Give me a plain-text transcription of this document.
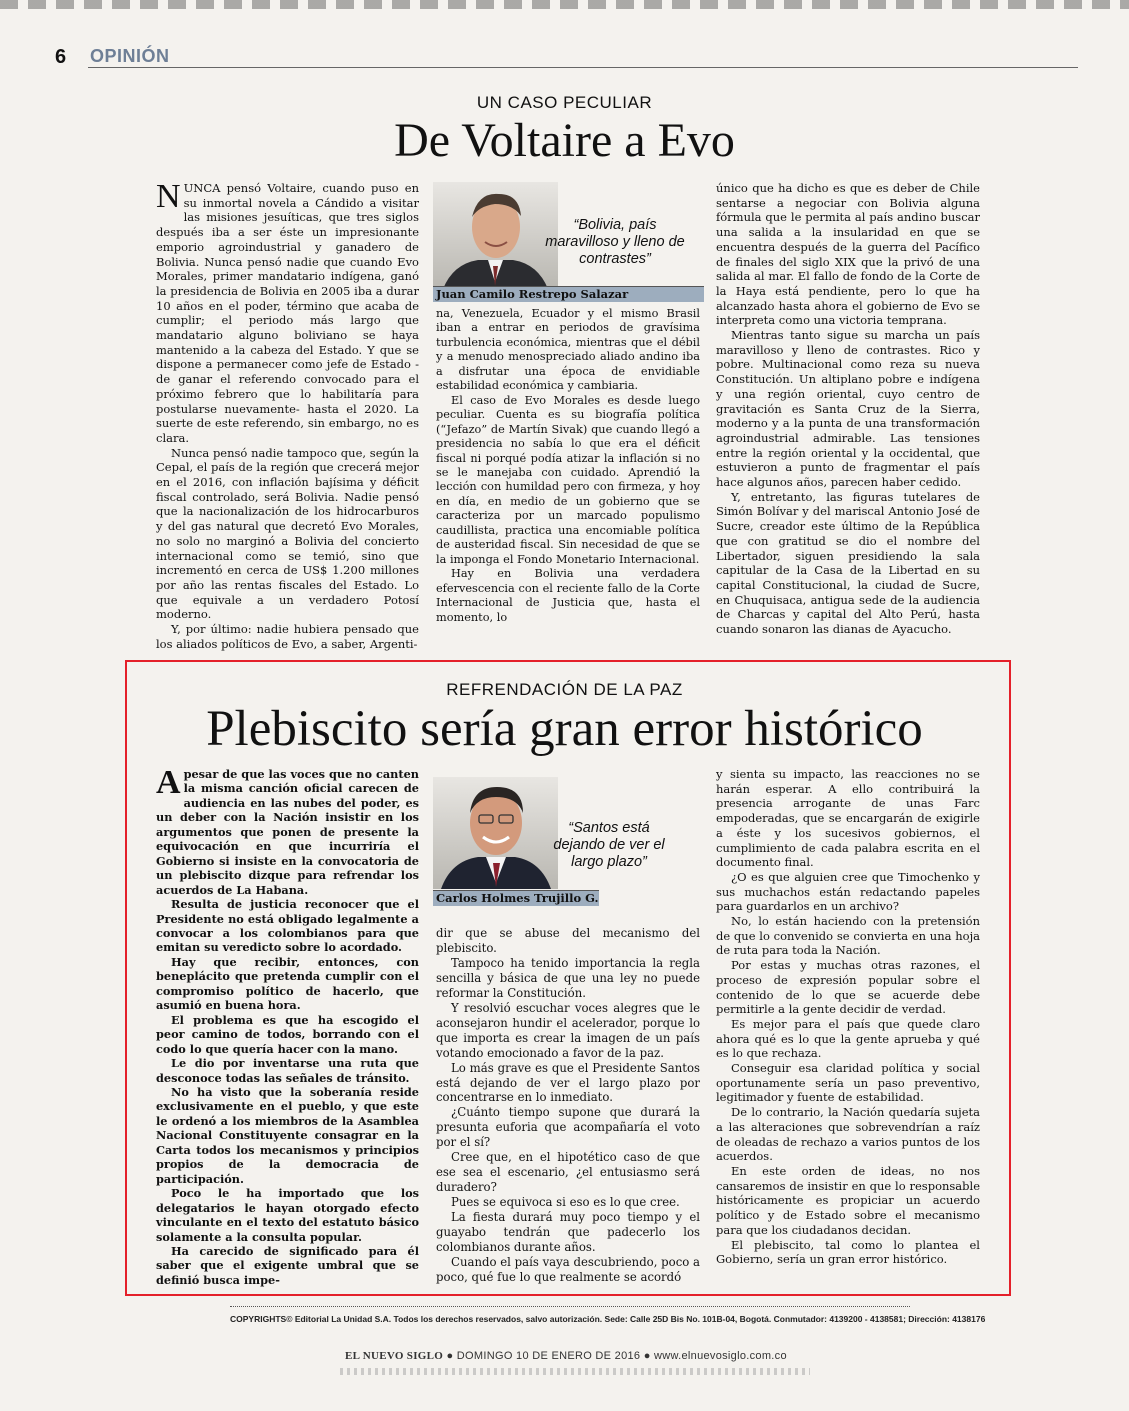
6 OPINIÓN
UN CASO PECULIAR
De Voltaire a Evo

NUNCA pensó Voltaire, cuando puso en su inmortal novela a Cándido a visitar las misiones jesuíticas, que tres siglos después iba a ser éste un impresionante emporio agroindustrial y ganadero de Bolivia. Nunca pensó nadie que cuando Evo Morales, primer mandatario indígena, ganó la presidencia de Bolivia en 2005 iba a durar 10 años en el poder, término que acaba de cumplir; el periodo más largo que mandatario alguno boliviano se haya mantenido a la cabeza del Estado. Y que se dispone a permanecer como jefe de Estado -de ganar el referendo convocado para el próximo febrero que lo habilitaría para postularse nuevamente- hasta el 2020. La suerte de este referendo, sin embargo, no es clara.

Nunca pensó nadie tampoco que, según la Cepal, el país de la región que crecerá mejor en el 2016, con inflación bajísima y déficit fiscal controlado, será Bolivia. Nadie pensó que la nacionalización de los hidrocarburos y del gas natural que decretó Evo Morales, no solo no marginó a Bolivia del concierto internacional como se temió, sino que incrementó en cerca de US$ 1.200 millones por año las rentas fiscales del Estado. Lo que equivale a un verdadero Potosí moderno.

Y, por último: nadie hubiera pensado que los aliados políticos de Evo, a saber, Argenti-

“Bolivia, país maravilloso y lleno de contrastes”
Juan Camilo Restrepo Salazar

na, Venezuela, Ecuador y el mismo Brasil iban a entrar en periodos de gravísima turbulencia económica, mientras que el débil y a menudo menospreciado aliado andino iba a disfrutar una época de envidiable estabilidad económica y cambiaria.

El caso de Evo Morales es desde luego peculiar. Cuenta es su biografía política (“Jefazo” de Martín Sivak) que cuando llegó a presidencia no sabía lo que era el déficit fiscal ni porqué podía atizar la inflación si no se le manejaba con cuidado. Aprendió la lección con humildad pero con firmeza, y hoy en día, en medio de un gobierno que se caracteriza por un marcado populismo caudillista, practica una encomiable política de austeridad fiscal. Sin necesidad de que se la imponga el Fondo Monetario Internacional.

Hay en Bolivia una verdadera efervescencia con el reciente fallo de la Corte Internacional de Justicia que, hasta el momento, lo

único que ha dicho es que es deber de Chile sentarse a negociar con Bolivia alguna fórmula que le permita al país andino buscar una salida a la insularidad en que se encuentra después de la guerra del Pacífico de finales del siglo XIX que la privó de una salida al mar. El fallo de fondo de la Corte de la Haya está pendiente, pero lo que ha alcanzado hasta ahora el gobierno de Evo se interpreta como una victoria temprana.

Mientras tanto sigue su marcha un país maravilloso y lleno de contrastes. Rico y pobre. Multinacional como reza su nueva Constitución. Un altiplano pobre e indígena y una región oriental, cuyo centro de gravitación es Santa Cruz de la Sierra, moderno y a la punta de una transformación agroindustrial admirable. Las tensiones entre la región oriental y la occidental, que estuvieron a punto de fragmentar el país hace algunos años, parecen haber cedido.

Y, entretanto, las figuras tutelares de Simón Bolívar y del mariscal Antonio José de Sucre, creador este último de la República que con gratitud se dio el nombre del Libertador, siguen presidiendo la sala capitular de la Casa de la Libertad en su capital Constitucional, la ciudad de Sucre, en Chuquisaca, antigua sede de la audiencia de Charcas y capital del Alto Perú, hasta cuando sonaron las dianas de Ayacucho.

REFRENDACIÓN DE LA PAZ
Plebiscito sería gran error histórico

Apesar de que las voces que no canten la misma canción oficial carecen de audiencia en las nubes del poder, es un deber con la Nación insistir en los argumentos que ponen de presente la equivocación en que incurriría el Gobierno si insiste en la convocatoria de un plebiscito dizque para refrendar los acuerdos de La Habana.

Resulta de justicia reconocer que el Presidente no está obligado legalmente a convocar a los colombianos para que emitan su veredicto sobre lo acordado.

Hay que recibir, entonces, con beneplácito que pretenda cumplir con el compromiso político de hacerlo, que asumió en buena hora.

El problema es que ha escogido el peor camino de todos, borrando con el codo lo que quería hacer con la mano.

Le dio por inventarse una ruta que desconoce todas las señales de tránsito.

No ha visto que la soberanía reside exclusivamente en el pueblo, y que este le ordenó a los miembros de la Asamblea Nacional Constituyente consagrar en la Carta todos los mecanismos y principios propios de la democracia de participación.

Poco le ha importado que los delegatarios le hayan otorgado efecto vinculante en el texto del estatuto básico solamente a la consulta popular.

Ha carecido de significado para él saber que el exigente umbral que se definió busca impe-

“Santos está dejando de ver el largo plazo”
Carlos Holmes Trujillo G.

dir que se abuse del mecanismo del plebiscito.

Tampoco ha tenido importancia la regla sencilla y básica de que una ley no puede reformar la Constitución.

Y resolvió escuchar voces alegres que le aconsejaron hundir el acelerador, porque lo que importa es crear la imagen de un país votando emocionado a favor de la paz.

Lo más grave es que el Presidente Santos está dejando de ver el largo plazo por concentrarse en lo inmediato.

¿Cuánto tiempo supone que durará la presunta euforia que acompañaría el voto por el sí?

Cree que, en el hipotético caso de que ese sea el escenario, ¿el entusiasmo será duradero?

Pues se equivoca si eso es lo que cree.

La fiesta durará muy poco tiempo y el guayabo tendrán que padecerlo los colombianos durante años.

Cuando el país vaya descubriendo, poco a poco, qué fue lo que realmente se acordó

y sienta su impacto, las reacciones no se harán esperar. A ello contribuirá la presencia arrogante de unas Farc empoderadas, que se encargarán de exigirle a éste y los sucesivos gobiernos, el cumplimiento de cada palabra escrita en el documento final.

¿O es que alguien cree que Timochenko y sus muchachos están redactando papeles para guardarlos en un archivo?

No, lo están haciendo con la pretensión de que lo convenido se convierta en una hoja de ruta para toda la Nación.

Por estas y muchas otras razones, el proceso de expresión popular sobre el contenido de lo que se acuerde debe permitirle a la gente decidir de verdad.

Es mejor para el país que quede claro ahora qué es lo que la gente aprueba y qué es lo que rechaza.

Conseguir esa claridad política y social oportunamente sería un paso preventivo, legitimador y fuente de estabilidad.

De lo contrario, la Nación quedaría sujeta a las alteraciones que sobrevendrían a raíz de oleadas de rechazo a varios puntos de los acuerdos.

En este orden de ideas, no nos cansaremos de insistir en que lo responsable históricamente es propiciar un acuerdo político y de Estado sobre el mecanismo para que los ciudadanos decidan.

El plebiscito, tal como lo plantea el Gobierno, sería un gran error histórico.

COPYRIGHTS© Editorial La Unidad S.A. Todos los derechos reservados, salvo autorización. Sede: Calle 25D Bis No. 101B-04, Bogotá. Conmutador: 4139200 - 4138581; Dirección: 4138176
EL NUEVO SIGLO ● DOMINGO 10 DE ENERO DE 2016 ● www.elnuevosiglo.com.co
